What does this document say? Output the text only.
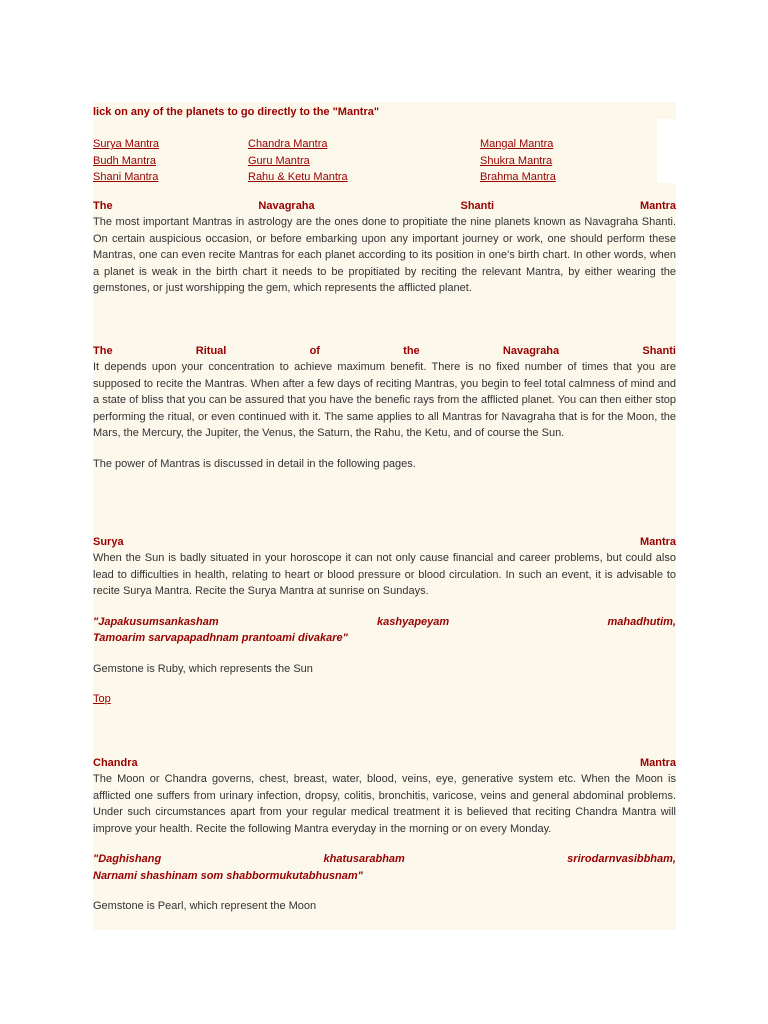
lick on any of the planets to go directly to the "Mantra"
Surya Mantra	Chandra Mantra	Mangal Mantra
Budh Mantra	Guru Mantra	Shukra Mantra
Shani Mantra	Rahu & Ketu Mantra	Brahma Mantra
The	Navagraha	Shanti	Mantra

The most important Mantras in astrology are the ones done to propitiate the nine planets known as Navagraha Shanti. On certain auspicious occasion, or before embarking upon any important journey or work, one should perform these Mantras, one can even recite Mantras for each planet according to its position in one's birth chart. In other words, when a planet is weak in the birth chart it needs to be propitiated by reciting the relevant Mantra, by either wearing the gemstones, or just worshipping the gem, which represents the afflicted planet.

The	Ritual	of	the	Navagraha	Shanti

It depends upon your concentration to achieve maximum benefit. There is no fixed number of times that you are supposed to recite the Mantras. When after a few days of reciting Mantras, you begin to feel total calmness of mind and a state of bliss that you can be assured that you have the benefic rays from the afflicted planet. You can then either stop performing the ritual, or even continued with it. The same applies to all Mantras for Navagraha that is for the Moon, the Mars, the Mercury, the Jupiter, the Venus, the Saturn, the Rahu, the Ketu, and of course the Sun.

The power of Mantras is discussed in detail in the following pages.

Surya	Mantra

When the Sun is badly situated in your horoscope it can not only cause financial and career problems, but could also lead to difficulties in health, relating to heart or blood pressure or blood circulation. In such an event, it is advisable to recite Surya Mantra. Recite the Surya Mantra at sunrise on Sundays.

"Japakusumsankasham	kashyapeyam	mahadhutim,
Tamoarim sarvapapadhnam prantoami divakare"

Gemstone is Ruby, which represents the Sun

Top

Chandra	Mantra

The Moon or Chandra governs, chest, breast, water, blood, veins, eye, generative system etc. When the Moon is afflicted one suffers from urinary infection, dropsy, colitis, bronchitis, varicose, veins and general abdominal problems. Under such circumstances apart from your regular medical treatment it is believed that reciting Chandra Mantra will improve your health. Recite the following Mantra everyday in the morning or on every Monday.

"Daghishang	khatusarabham	srirodarnvasibbham,
Narnami shashinam som shabbormukutabhusnam"

Gemstone is Pearl, which represent the Moon
